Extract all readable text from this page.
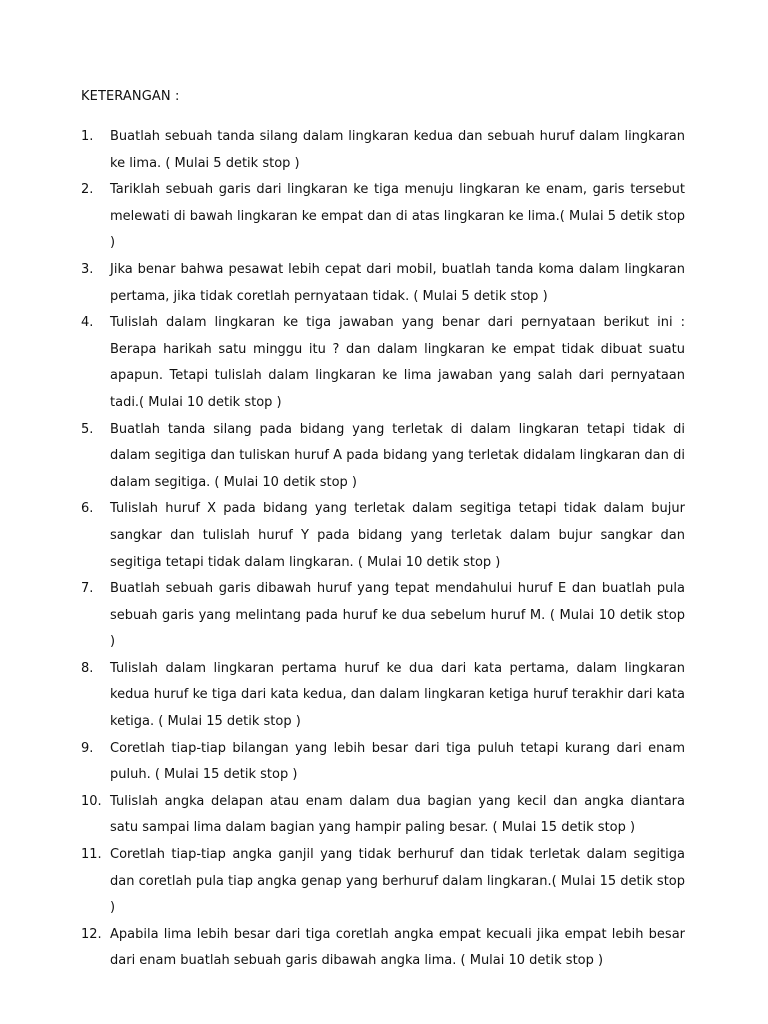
KETERANGAN :
1. Buatlah sebuah tanda silang dalam lingkaran kedua dan sebuah huruf dalam lingkaran ke lima. ( Mulai 5 detik stop )
2. Tariklah sebuah garis dari lingkaran ke tiga menuju lingkaran ke enam, garis tersebut melewati di bawah lingkaran ke empat dan di atas lingkaran ke lima.( Mulai 5 detik stop )
3. Jika benar bahwa pesawat lebih cepat dari mobil, buatlah tanda koma dalam lingkaran pertama, jika tidak coretlah pernyataan tidak. ( Mulai 5 detik stop )
4. Tulislah dalam lingkaran ke tiga jawaban yang benar dari pernyataan berikut ini : Berapa harikah satu minggu itu ? dan dalam lingkaran ke empat tidak dibuat suatu apapun. Tetapi tulislah dalam lingkaran ke lima jawaban yang salah dari pernyataan tadi.( Mulai 10 detik stop )
5. Buatlah tanda silang pada bidang yang terletak di dalam lingkaran tetapi tidak di dalam segitiga dan tuliskan huruf A pada bidang yang terletak didalam lingkaran dan di dalam segitiga. ( Mulai 10 detik stop )
6. Tulislah huruf X pada bidang yang terletak dalam segitiga tetapi tidak dalam bujur sangkar dan tulislah huruf Y pada bidang yang terletak dalam bujur sangkar dan segitiga tetapi tidak dalam lingkaran. ( Mulai 10 detik stop )
7. Buatlah sebuah garis dibawah huruf yang tepat mendahului huruf E dan buatlah pula sebuah garis yang melintang pada huruf ke dua sebelum huruf M. ( Mulai 10 detik stop )
8. Tulislah dalam lingkaran pertama huruf ke dua dari kata pertama, dalam lingkaran kedua huruf ke tiga dari kata kedua, dan dalam lingkaran ketiga huruf terakhir dari kata ketiga. ( Mulai 15 detik stop )
9. Coretlah tiap-tiap bilangan yang lebih besar dari tiga puluh tetapi kurang dari enam puluh. ( Mulai 15 detik stop )
10. Tulislah angka delapan atau enam dalam dua bagian yang kecil dan angka diantara satu sampai lima dalam bagian yang hampir paling besar. ( Mulai 15 detik stop )
11. Coretlah tiap-tiap angka ganjil yang tidak berhuruf dan tidak terletak dalam segitiga dan coretlah pula tiap angka genap yang berhuruf dalam lingkaran.( Mulai 15 detik stop )
12. Apabila lima lebih besar dari tiga coretlah angka empat kecuali jika empat lebih besar dari enam buatlah sebuah garis dibawah angka lima. ( Mulai 10 detik stop )
